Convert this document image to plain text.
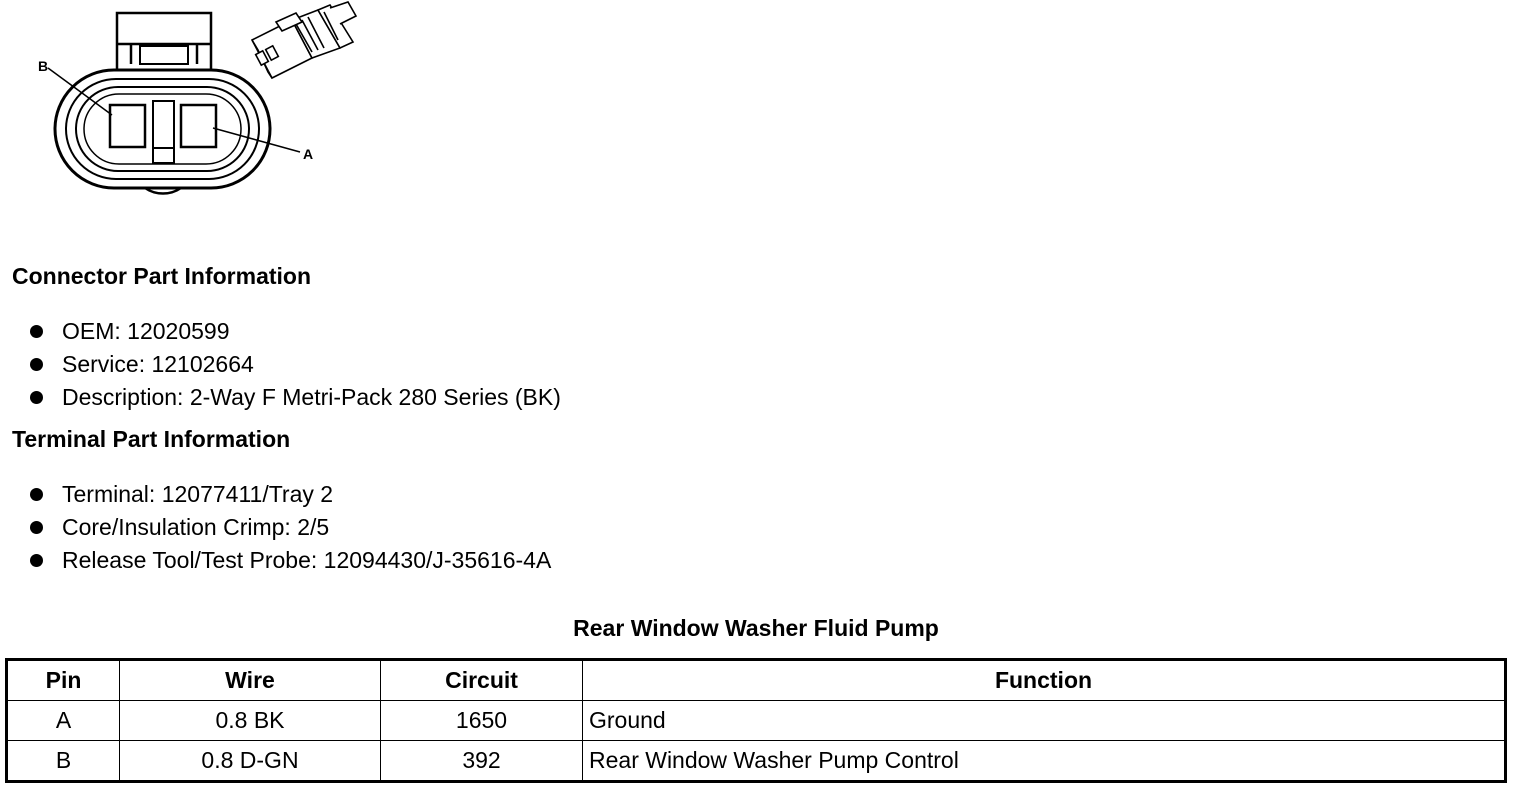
B
A
Connector Part Information
OEM: 12020599
Service: 12102664
Description: 2-Way F Metri-Pack 280 Series (BK)
Terminal Part Information
Terminal: 12077411/Tray 2
Core/Insulation Crimp: 2/5
Release Tool/Test Probe: 12094430/J-35616-4A
Rear Window Washer Fluid Pump
Pin	Wire	Circuit	Function
A	0.8 BK	1650	Ground
B	0.8 D-GN	392	Rear Window Washer Pump Control
